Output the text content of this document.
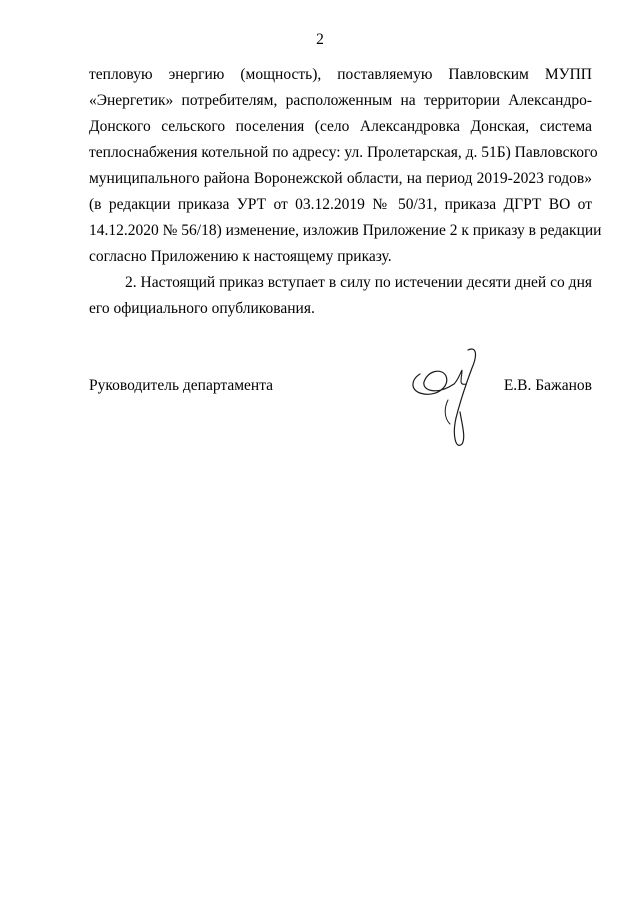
2
тепловую энергию (мощность), поставляемую Павловским МУПП
«Энергетик» потребителям, расположенным на территории Александро-
Донского сельского поселения (село Александровка Донская, система
теплоснабжения котельной по адресу: ул. Пролетарская, д. 51Б) Павловского
муниципального района Воронежской области, на период 2019-2023 годов»
(в редакции приказа УРТ от 03.12.2019 № 50/31, приказа ДГРТ ВО от
14.12.2020 № 56/18) изменение, изложив Приложение 2 к приказу в редакции
согласно Приложению к настоящему приказу.
2. Настоящий приказ вступает в силу по истечении десяти дней со дня
его официального опубликования.
Руководитель департамента	Е.В. Бажанов
